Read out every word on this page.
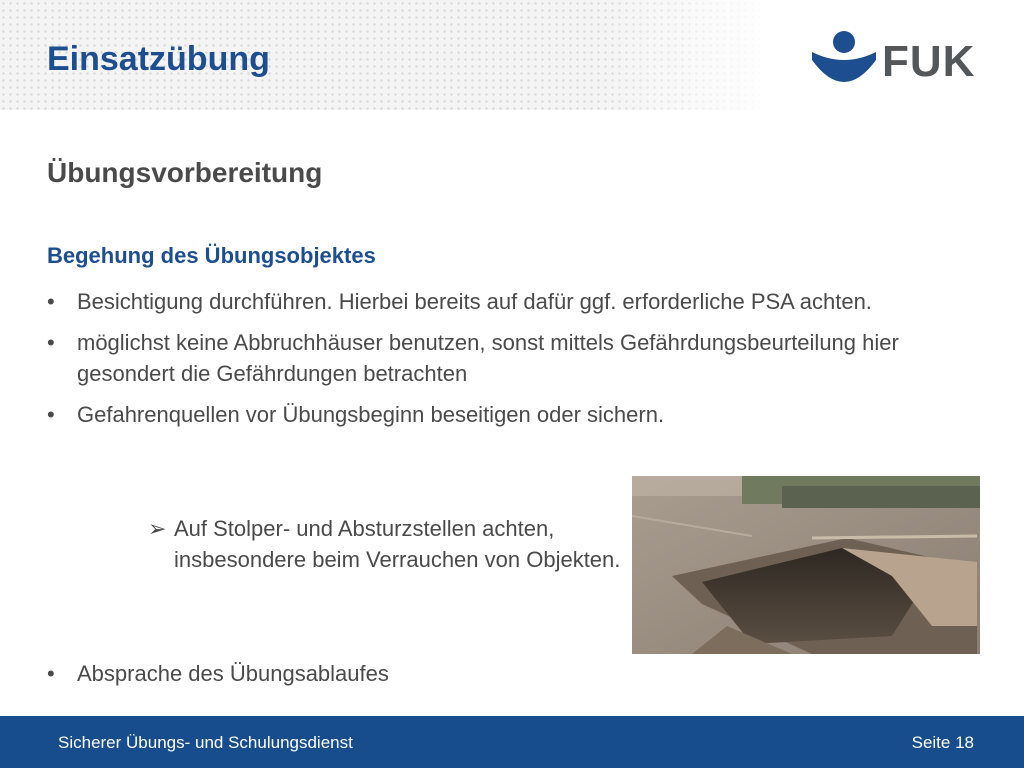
Einsatzübung	FUK
Übungsvorbereitung
Begehung des Übungsobjektes
• Besichtigung durchführen. Hierbei bereits auf dafür ggf. erforderliche PSA achten.
• möglichst keine Abbruchhäuser benutzen, sonst mittels Gefährdungsbeurteilung hier gesondert die Gefährdungen betrachten
• Gefahrenquellen vor Übungsbeginn beseitigen oder sichern.
➢ Auf Stolper- und Absturzstellen achten, insbesondere beim Verrauchen von Objekten.
• Absprache des Übungsablaufes
Sicherer Übungs- und Schulungsdienst	Seite 18
